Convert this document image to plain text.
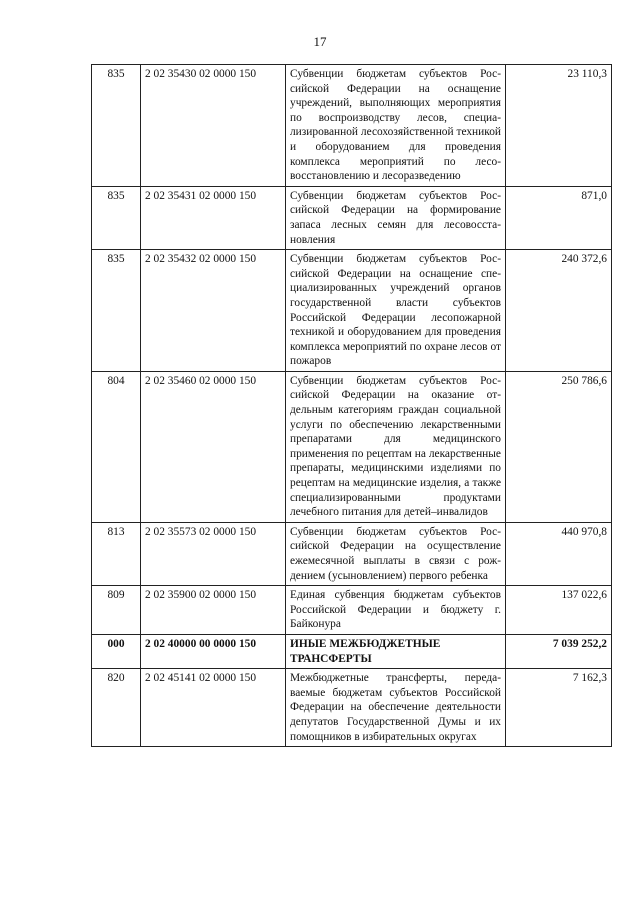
17
835	2 02 35430 02 0000 150	Субвенции бюджетам субъектов Российской Федерации на оснащение учреждений, выполняющих мероприятия по воспроизводству лесов, специализированной лесохозяйственной техникой и оборудованием для проведения комплекса мероприятий по лесовосстановлению и лесоразведению	23 110,3
835	2 02 35431 02 0000 150	Субвенции бюджетам субъектов Российской Федерации на формирование запаса лесных семян для лесовосстановления	871,0
835	2 02 35432 02 0000 150	Субвенции бюджетам субъектов Российской Федерации на оснащение специализированных учреждений органов государственной власти субъектов Российской Федерации лесопожарной техникой и оборудованием для проведения комплекса мероприятий по охране лесов от пожаров	240 372,6
804	2 02 35460 02 0000 150	Субвенции бюджетам субъектов Российской Федерации на оказание отдельным категориям граждан социальной услуги по обеспечению лекарственными препаратами для медицинского применения по рецептам на лекарственные препараты, медицинскими изделиями по рецептам на медицинские изделия, а также специализированными продуктами лечебного питания для детей–инвалидов	250 786,6
813	2 02 35573 02 0000 150	Субвенции бюджетам субъектов Российской Федерации на осуществление ежемесячной выплаты в связи с рождением (усыновлением) первого ребенка	440 970,8
809	2 02 35900 02 0000 150	Единая субвенция бюджетам субъектов Российской Федерации и бюджету г. Байконура	137 022,6
000	2 02 40000 00 0000 150	ИНЫЕ МЕЖБЮДЖЕТНЫЕ ТРАНСФЕРТЫ	7 039 252,2
820	2 02 45141 02 0000 150	Межбюджетные трансферты, передаваемые бюджетам субъектов Российской Федерации на обеспечение деятельности депутатов Государственной Думы и их помощников в избирательных округах	7 162,3
